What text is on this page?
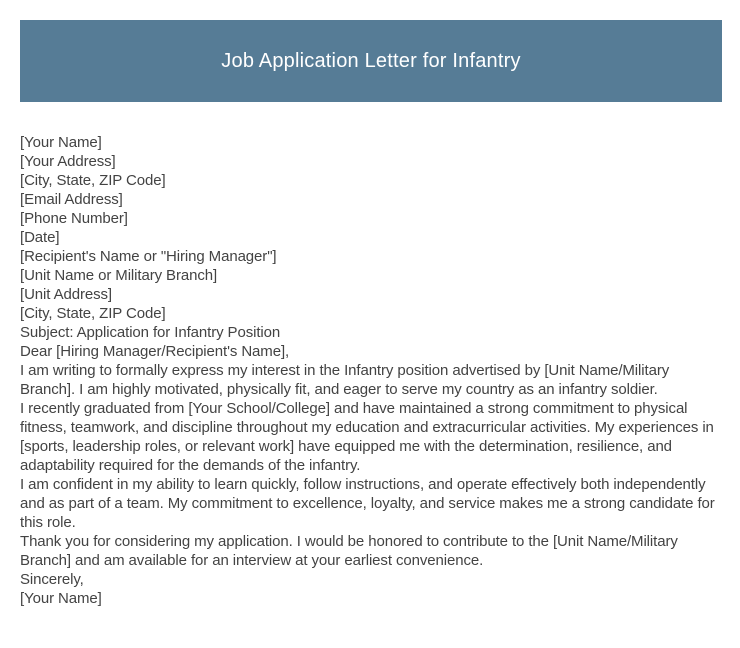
Job Application Letter for Infantry

[Your Name]

[Your Address]

[City, State, ZIP Code]

[Email Address]

[Phone Number]

[Date]

[Recipient's Name or "Hiring Manager"]

[Unit Name or Military Branch]

[Unit Address]

[City, State, ZIP Code]

Subject: Application for Infantry Position

Dear [Hiring Manager/Recipient's Name],

I am writing to formally express my interest in the Infantry position advertised by [Unit Name/Military Branch]. I am highly motivated, physically fit, and eager to serve my country as an infantry soldier.

I recently graduated from [Your School/College] and have maintained a strong commitment to physical fitness, teamwork, and discipline throughout my education and extracurricular activities. My experiences in [sports, leadership roles, or relevant work] have equipped me with the determination, resilience, and adaptability required for the demands of the infantry.

I am confident in my ability to learn quickly, follow instructions, and operate effectively both independently and as part of a team. My commitment to excellence, loyalty, and service makes me a strong candidate for this role.

Thank you for considering my application. I would be honored to contribute to the [Unit Name/Military Branch] and am available for an interview at your earliest convenience.

Sincerely,

[Your Name]
